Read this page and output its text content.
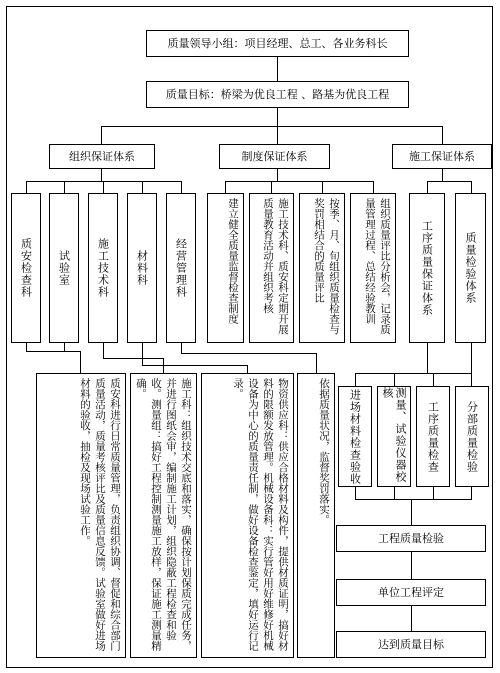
质量领导小组：项目经理、总工、各业务科长
质量目标：桥梁为优良工程 、路基为优良工程
组织保证体系	制度保证体系	施工保证体系
质安检查科 试验室 施工技术科 材料科 经营管理科	建立健全质量监督检查制度	施工技术科、质安科定期开展质量教育活动并组织考核	按季、月、旬组织质量检查与奖罚相结合的质量评比	组织质量评比分析会，记录质量管理过程、总结经验教训	工序质量保证体系	质量检验体系
质安科进行日常质量管理，负责组织协调、督促和综合部门质量活动，质量考核评比及质量信息反馈。试验室做好进场材料的验收，抽检及现场试验工作。	施工科：组织技术交底和落实，确保按计划保质完成任务，并进行图纸会审，编制施工计划，组织隐蔽工程检查和验收。测量组：搞好工程控制测量施工放样，保证施工测量精确。	物资供应科：供应合格材料及构件，提供材质证明，搞好材料的限额发放管理。机械设备科：实行管好用好维修好机械设备为中心的质量责任制，做好设备检查鉴定，填好运行记录。	依据质量状况，监督奖罚落实。	进场材料检查验收	测量、试验仪器校核
工序质量检查 分部质量检验
工程质量检验
单位工程评定
达到质量目标
